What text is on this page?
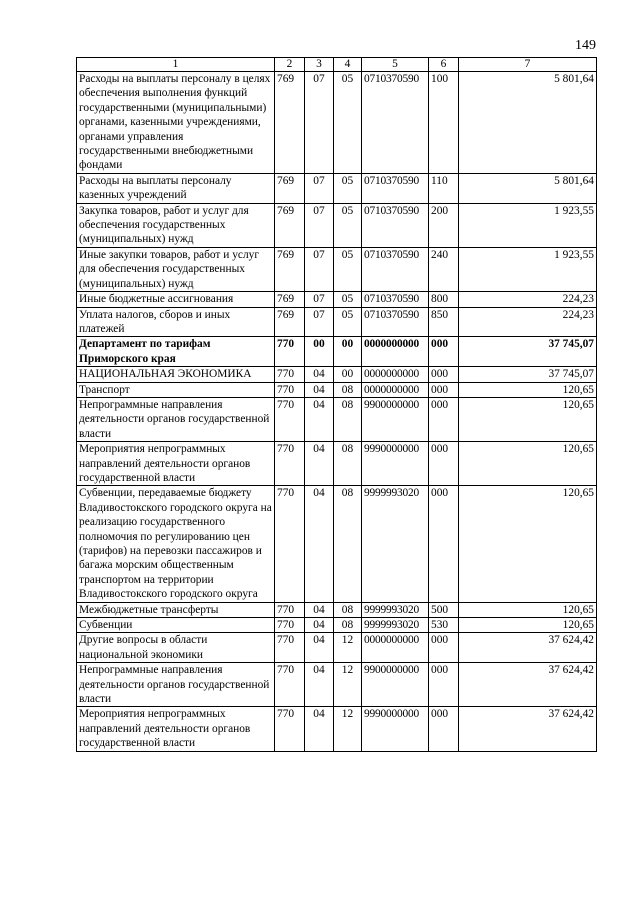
149
1	2	3	4	5	6	7
Расходы на выплаты персоналу в целях обеспечения выполнения функций государственными (муниципальными) органами, казенными учреждениями, органами управления государственными внебюджетными фондами	769	07	05	0710370590	100	5 801,64
Расходы на выплаты персоналу казенных учреждений	769	07	05	0710370590	110	5 801,64
Закупка товаров, работ и услуг для обеспечения государственных (муниципальных) нужд	769	07	05	0710370590	200	1 923,55
Иные закупки товаров, работ и услуг для обеспечения государственных (муниципальных) нужд	769	07	05	0710370590	240	1 923,55
Иные бюджетные ассигнования	769	07	05	0710370590	800	224,23
Уплата налогов, сборов и иных платежей	769	07	05	0710370590	850	224,23
Департамент по тарифам Приморского края	770	00	00	0000000000	000	37 745,07
НАЦИОНАЛЬНАЯ ЭКОНОМИКА	770	04	00	0000000000	000	37 745,07
Транспорт	770	04	08	0000000000	000	120,65
Непрограммные направления деятельности органов государственной власти	770	04	08	9900000000	000	120,65
Мероприятия непрограммных направлений деятельности органов государственной власти	770	04	08	9990000000	000	120,65
Субвенции, передаваемые бюджету Владивостокского городского округа на реализацию государственного полномочия по регулированию цен (тарифов) на перевозки пассажиров и багажа морским общественным транспортом на территории Владивостокского городского округа	770	04	08	9999993020	000	120,65
Межбюджетные трансферты	770	04	08	9999993020	500	120,65
Субвенции	770	04	08	9999993020	530	120,65
Другие вопросы в области национальной экономики	770	04	12	0000000000	000	37 624,42
Непрограммные направления деятельности органов государственной власти	770	04	12	9900000000	000	37 624,42
Мероприятия непрограммных направлений деятельности органов государственной власти	770	04	12	9990000000	000	37 624,42
